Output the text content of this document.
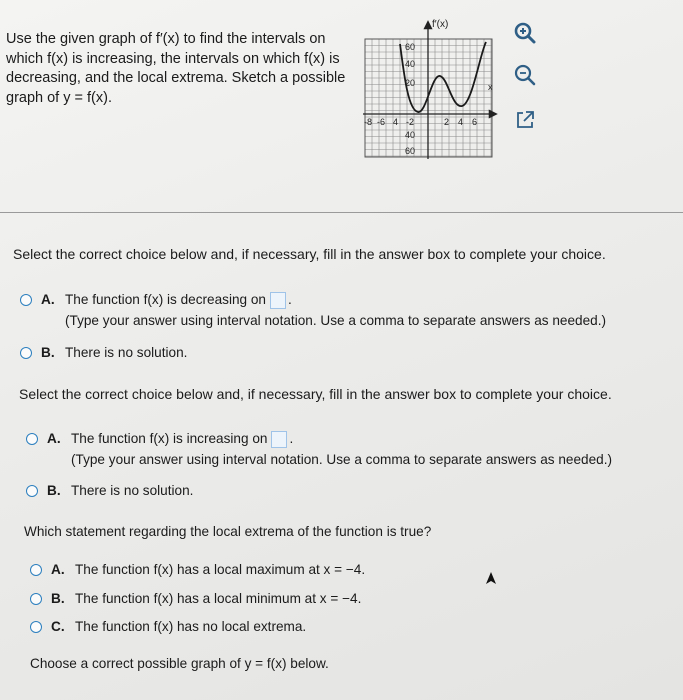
Use the given graph of f′(x) to find the intervals on which f(x) is increasing, the intervals on which f(x) is decreasing, and the local extrema. Sketch a possible graph of y = f(x).

f′(x)
x
60
40
20
40
60
-8 -6 4 -2	2 4 6

Select the correct choice below and, if necessary, fill in the answer box to complete your choice.

A. The function f(x) is decreasing on .
(Type your answer using interval notation. Use a comma to separate answers as needed.)
B. There is no solution.

Select the correct choice below and, if necessary, fill in the answer box to complete your choice.

A. The function f(x) is increasing on .
(Type your answer using interval notation. Use a comma to separate answers as needed.)
B. There is no solution.

Which statement regarding the local extrema of the function is true?

A. The function f(x) has a local maximum at x = −4.
B. The function f(x) has a local minimum at x = −4.
C. The function f(x) has no local extrema.

Choose a correct possible graph of y = f(x) below.
